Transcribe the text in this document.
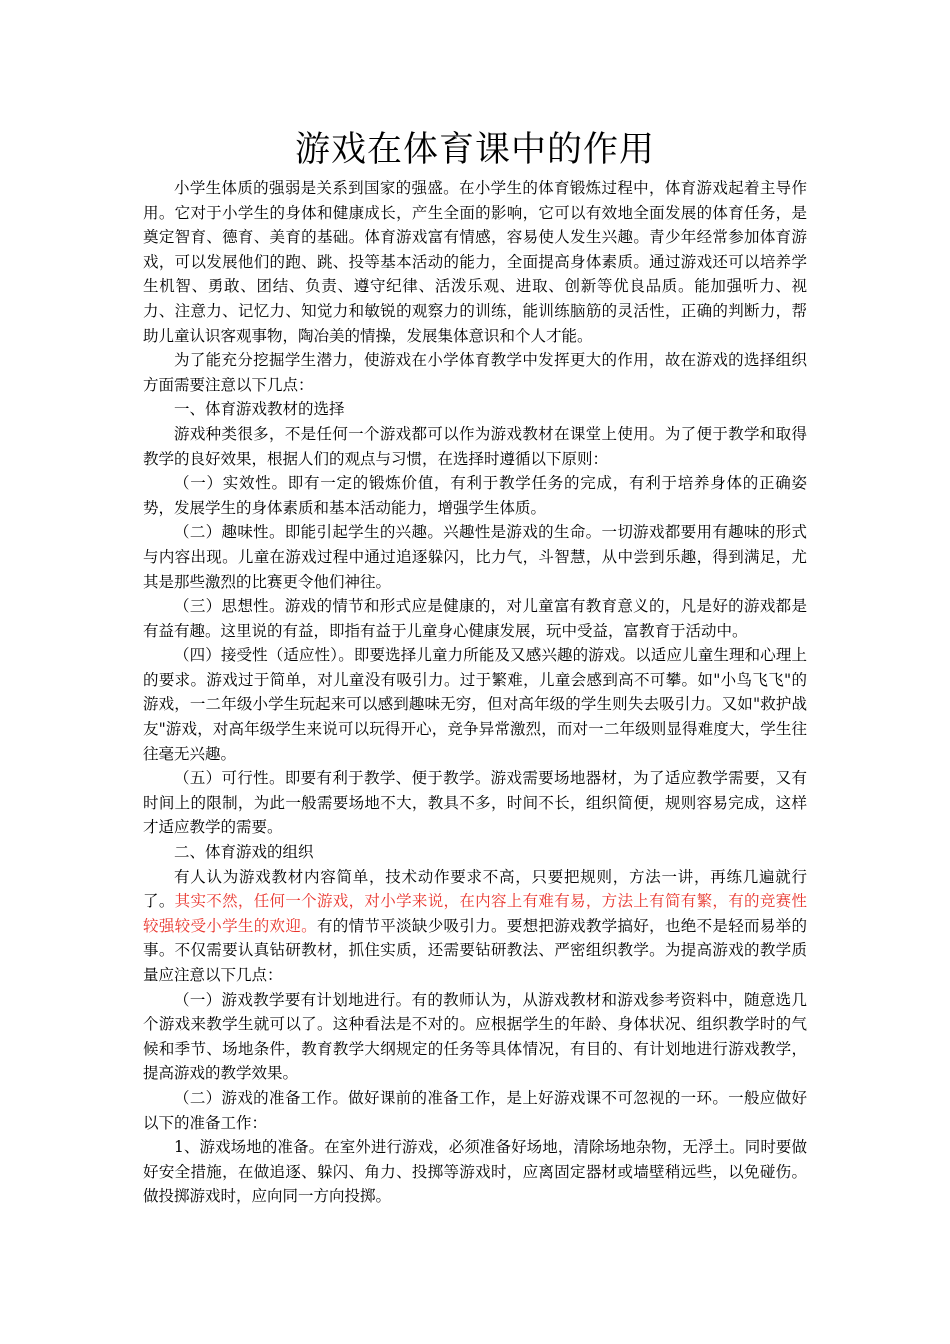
游戏在体育课中的作用

小学生体质的强弱是关系到国家的强盛。在小学生的体育锻炼过程中，体育游戏起着主导作用。它对于小学生的身体和健康成长，产生全面的影响，它可以有效地全面发展的体育任务，是奠定智育、德育、美育的基础。体育游戏富有情感，容易使人发生兴趣。青少年经常参加体育游戏，可以发展他们的跑、跳、投等基本活动的能力，全面提高身体素质。通过游戏还可以培养学生机智、勇敢、团结、负责、遵守纪律、活泼乐观、进取、创新等优良品质。能加强听力、视力、注意力、记忆力、知觉力和敏锐的观察力的训练，能训练脑筋的灵活性，正确的判断力，帮助儿童认识客观事物，陶冶美的情操，发展集体意识和个人才能。

为了能充分挖掘学生潜力，使游戏在小学体育教学中发挥更大的作用，故在游戏的选择组织方面需要注意以下几点：

一、体育游戏教材的选择

游戏种类很多，不是任何一个游戏都可以作为游戏教材在课堂上使用。为了便于教学和取得教学的良好效果，根据人们的观点与习惯，在选择时遵循以下原则：

（一）实效性。即有一定的锻炼价值，有利于教学任务的完成，有利于培养身体的正确姿势，发展学生的身体素质和基本活动能力，增强学生体质。

（二）趣味性。即能引起学生的兴趣。兴趣性是游戏的生命。一切游戏都要用有趣味的形式与内容出现。儿童在游戏过程中通过追逐躲闪，比力气，斗智慧，从中尝到乐趣，得到满足，尤其是那些激烈的比赛更令他们神往。

（三）思想性。游戏的情节和形式应是健康的，对儿童富有教育意义的，凡是好的游戏都是有益有趣。这里说的有益，即指有益于儿童身心健康发展，玩中受益，富教育于活动中。

（四）接受性（适应性）。即要选择儿童力所能及又感兴趣的游戏。以适应儿童生理和心理上的要求。游戏过于简单，对儿童没有吸引力。过于繁难，儿童会感到高不可攀。如"小鸟飞飞"的游戏，一二年级小学生玩起来可以感到趣味无穷，但对高年级的学生则失去吸引力。又如"救护战友"游戏，对高年级学生来说可以玩得开心，竞争异常激烈，而对一二年级则显得难度大，学生往往毫无兴趣。

（五）可行性。即要有利于教学、便于教学。游戏需要场地器材，为了适应教学需要，又有时间上的限制，为此一般需要场地不大，教具不多，时间不长，组织简便，规则容易完成，这样才适应教学的需要。

二、体育游戏的组织

有人认为游戏教材内容简单，技术动作要求不高，只要把规则，方法一讲，再练几遍就行了。其实不然，任何一个游戏，对小学来说，在内容上有难有易，方法上有简有繁，有的竞赛性较强较受小学生的欢迎。有的情节平淡缺少吸引力。要想把游戏教学搞好，也绝不是轻而易举的事。不仅需要认真钻研教材，抓住实质，还需要钻研教法、严密组织教学。为提高游戏的教学质量应注意以下几点：

（一）游戏教学要有计划地进行。有的教师认为，从游戏教材和游戏参考资料中，随意选几个游戏来教学生就可以了。这种看法是不对的。应根据学生的年龄、身体状况、组织教学时的气候和季节、场地条件，教育教学大纲规定的任务等具体情况，有目的、有计划地进行游戏教学，提高游戏的教学效果。

（二）游戏的准备工作。做好课前的准备工作，是上好游戏课不可忽视的一环。一般应做好以下的准备工作：

1、游戏场地的准备。在室外进行游戏，必须准备好场地，清除场地杂物，无浮土。同时要做好安全措施，在做追逐、躲闪、角力、投掷等游戏时，应离固定器材或墙壁稍远些，以免碰伤。做投掷游戏时，应向同一方向投掷。
